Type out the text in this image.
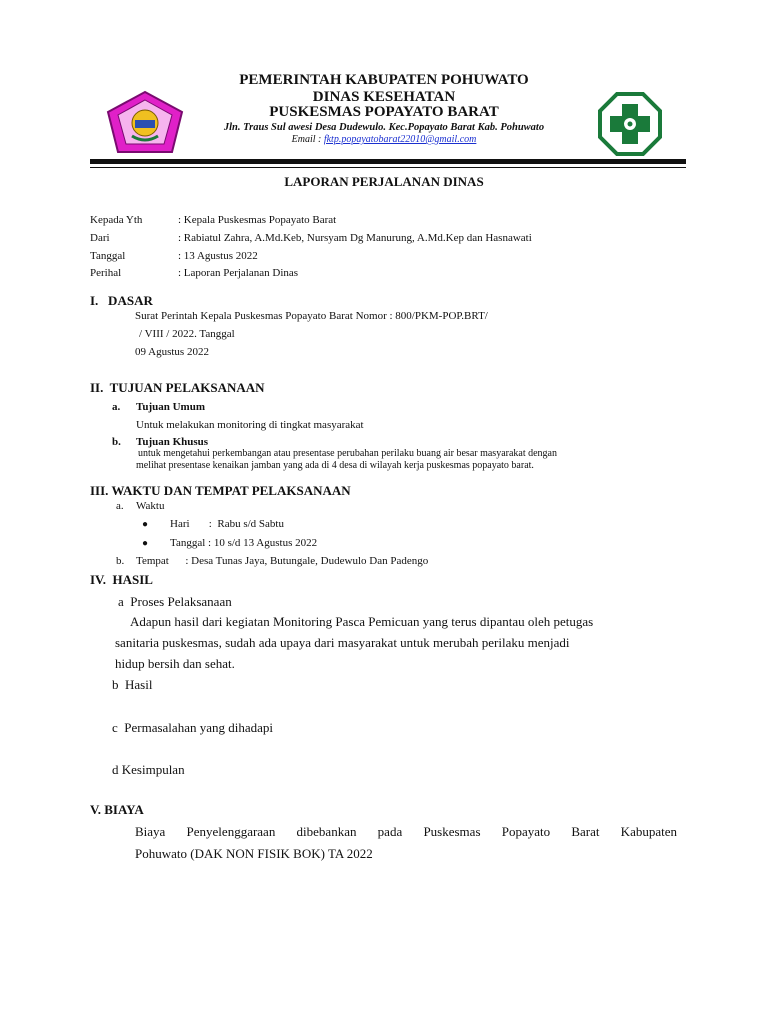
PEMERINTAH KABUPATEN POHUWATO
DINAS KESEHATAN
PUSKESMAS POPAYATO BARAT
Jln. Traus Sul awesi Desa Dudewulo. Kec.Popayato Barat Kab. Pohuwato
Email : fktp.popayatobarat22010@gmail.com
LAPORAN PERJALANAN DINAS
Kepada Yth	: Kepala Puskesmas Popayato Barat
Dari	: Rabiatul Zahra, A.Md.Keb, Nursyam Dg Manurung, A.Md.Kep dan Hasnawati
Tanggal	: 13 Agustus 2022
Perihal	: Laporan Perjalanan Dinas
I.   DASAR
Surat Perintah Kepala Puskesmas Popayato Barat Nomor : 800/PKM-POP.BRT/
/ VIII / 2022. Tanggal
09 Agustus 2022
II.  TUJUAN PELAKSANAAN
a. Tujuan Umum
Untuk melakukan monitoring di tingkat masyarakat
b. Tujuan Khusus
untuk mengetahui perkembangan atau presentase perubahan perilaku buang air besar masyarakat dengan
melihat presentase kenaikan jamban yang ada di 4 desa di wilayah kerja puskesmas popayato barat.
III. WAKTU DAN TEMPAT PELAKSANAAN
a. Waktu
● Hari       :  Rabu s/d Sabtu
● Tanggal : 10 s/d 13 Agustus 2022
b. Tempat      : Desa Tunas Jaya, Butungale, Dudewulo Dan Padengo
IV.  HASIL
a  Proses Pelaksanaan
Adapun hasil dari kegiatan Monitoring Pasca Pemicuan yang terus dipantau oleh petugas
sanitaria puskesmas, sudah ada upaya dari masyarakat untuk merubah perilaku menjadi
hidup bersih dan sehat.
b  Hasil
c  Permasalahan yang dihadapi
d Kesimpulan
V. BIAYA
Biaya Penyelenggaraan dibebankan pada Puskesmas Popayato Barat Kabupaten
Pohuwato (DAK NON FISIK BOK) TA 2022
